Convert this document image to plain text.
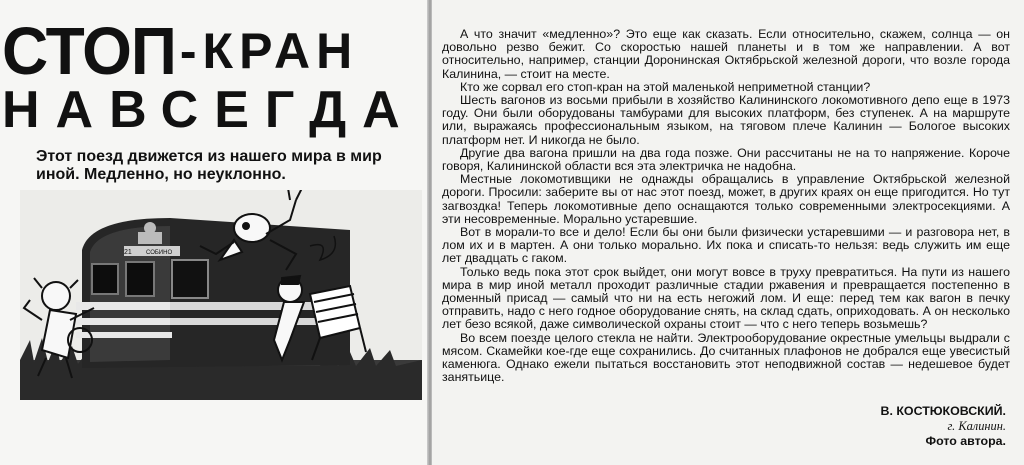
СТОП -КРАН
НАВСЕГДА
Этот поезд движется из нашего мира в мир иной. Медленно, но неуклонно.
21 СОБИНО

А что значит «медленно»? Это еще как сказать. Если относительно, скажем, солнца — он довольно резво бежит. Со скоростью нашей планеты и в том же направлении. А вот относительно, например, станции Доронинская Октябрьской железной дороги, что возле города Калинина, — стоит на месте.

Кто же сорвал его стоп-кран на этой маленькой неприметной станции?

Шесть вагонов из восьми прибыли в хозяйство Калининского локомотивного депо еще в 1973 году. Они были оборудованы тамбурами для высоких платформ, без ступенек. А на маршруте или, выражаясь профессиональным языком, на тяговом плече Калинин — Бологое высоких платформ нет. И никогда не было.

Другие два вагона пришли на два года позже. Они рассчитаны не на то напряжение. Короче говоря, Калининской области вся эта электричка не надобна.

Местные локомотивщики не однажды обращались в управление Октябрьской железной дороги. Просили: заберите вы от нас этот поезд, может, в других краях он еще пригодится. Но тут загвоздка! Теперь локомотивные депо оснащаются только современными электросекциями. А эти несовременные. Морально устаревшие.

Вот в морали-то все и дело! Если бы они были физически устаревшими — и разговора нет, в лом их и в мартен. А они только морально. Их пока и списать-то нельзя: ведь служить им еще лет двадцать с гаком.

Только ведь пока этот срок выйдет, они могут вовсе в труху превратиться. На пути из нашего мира в мир иной металл проходит различные стадии ржавения и превращается постепенно в доменный присад — самый что ни на есть негожий лом. И еще: перед тем как вагон в печку отправить, надо с него годное оборудование снять, на склад сдать, оприходовать. А он несколько лет безо всякой, даже символической охраны стоит — что с него теперь возьмешь?

Во всем поезде целого стекла не найти. Электрооборудование окрестные умельцы выдрали с мясом. Скамейки кое-где еще сохранились. До считанных плафонов не добрался еще увесистый каменюга. Однако ежели пытаться восстановить этот неподвижной состав — недешевое будет занятьице.

В. КОСТЮКОВСКИЙ.
г. Калинин.
Фото автора.
